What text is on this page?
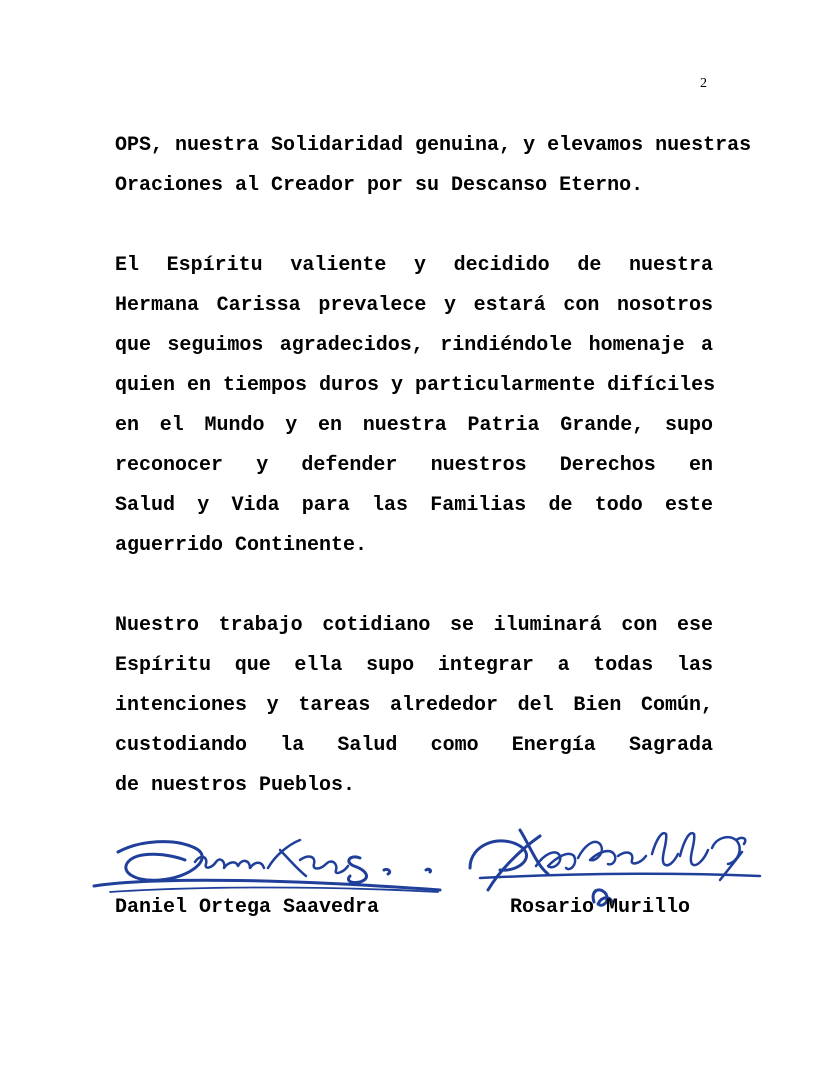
2
OPS, nuestra Solidaridad genuina, y elevamos nuestras
Oraciones al Creador por su Descanso Eterno.
El Espíritu valiente y decidido de nuestra
Hermana Carissa prevalece y estará con nosotros
que seguimos agradecidos, rindiéndole homenaje a
quien en tiempos duros y particularmente difíciles
en el Mundo y en nuestra Patria Grande, supo
reconocer y defender nuestros Derechos en
Salud y Vida para las Familias de todo este
aguerrido Continente.
Nuestro trabajo cotidiano se iluminará con ese
Espíritu que ella supo integrar a todas las
intenciones y tareas alrededor del Bien Común,
custodiando la Salud como Energía Sagrada
de nuestros Pueblos.
Daniel Ortega Saavedra	Rosario Murillo
